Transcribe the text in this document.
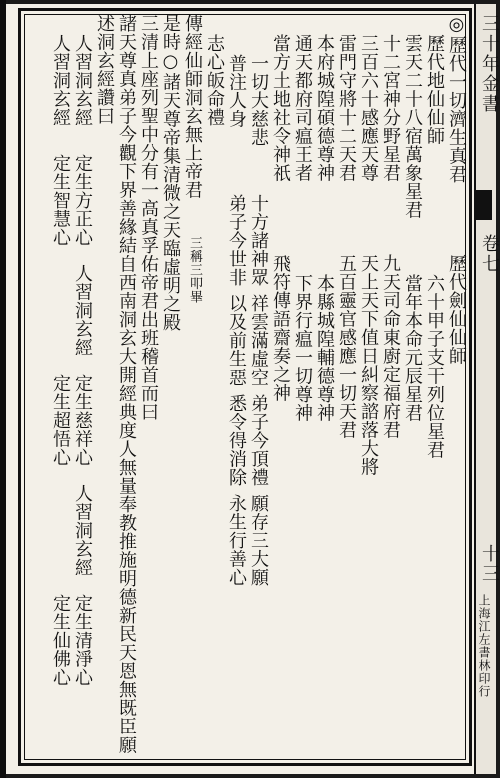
◎歷代一切濟生真君
歷代地仙仙師
雲天二十八宿萬象星君
十二宮神分野星君
三百六十感應天尊
雷門守將十二天君
本府城隍碩德尊神
通天都府司瘟王者
當方土地社令神祇
一切大慈悲
普注人身
志心皈命禮
傳經仙師洞玄無上帝君
三稱三叩畢
是時○諸天尊帝集清微之天臨虛明之殿
三清上座列聖中分有一高真孚佑帝君出班稽首而曰
諸天尊真弟子今觀下界善緣結自西南洞玄大開經典度人無量奉教推施明德新民天恩無既臣願
述洞玄經讚曰
歷代劍仙仙師
六十甲子支干列位星君
當年本命元辰星君
九天司命東廚定福府君
天上天下值日糾察諮落大將
五百靈官感應一切天君
本縣城隍輔德尊神
下界行瘟一切尊神
飛符傳語齋奏之神
十方諸神眾
祥雲滿虛空
弟子今頂禮
願存三大願
弟子今世非
以及前生惡
悉令得消除
永生行善心
人習洞玄經
人習洞玄經
定生方正心
定生智慧心
人習洞玄經
定生慈祥心
定生超悟心
人習洞玄經
定生清淨心
定生仙佛心
三十年金書
卷七
十三
上海江左書林印行
